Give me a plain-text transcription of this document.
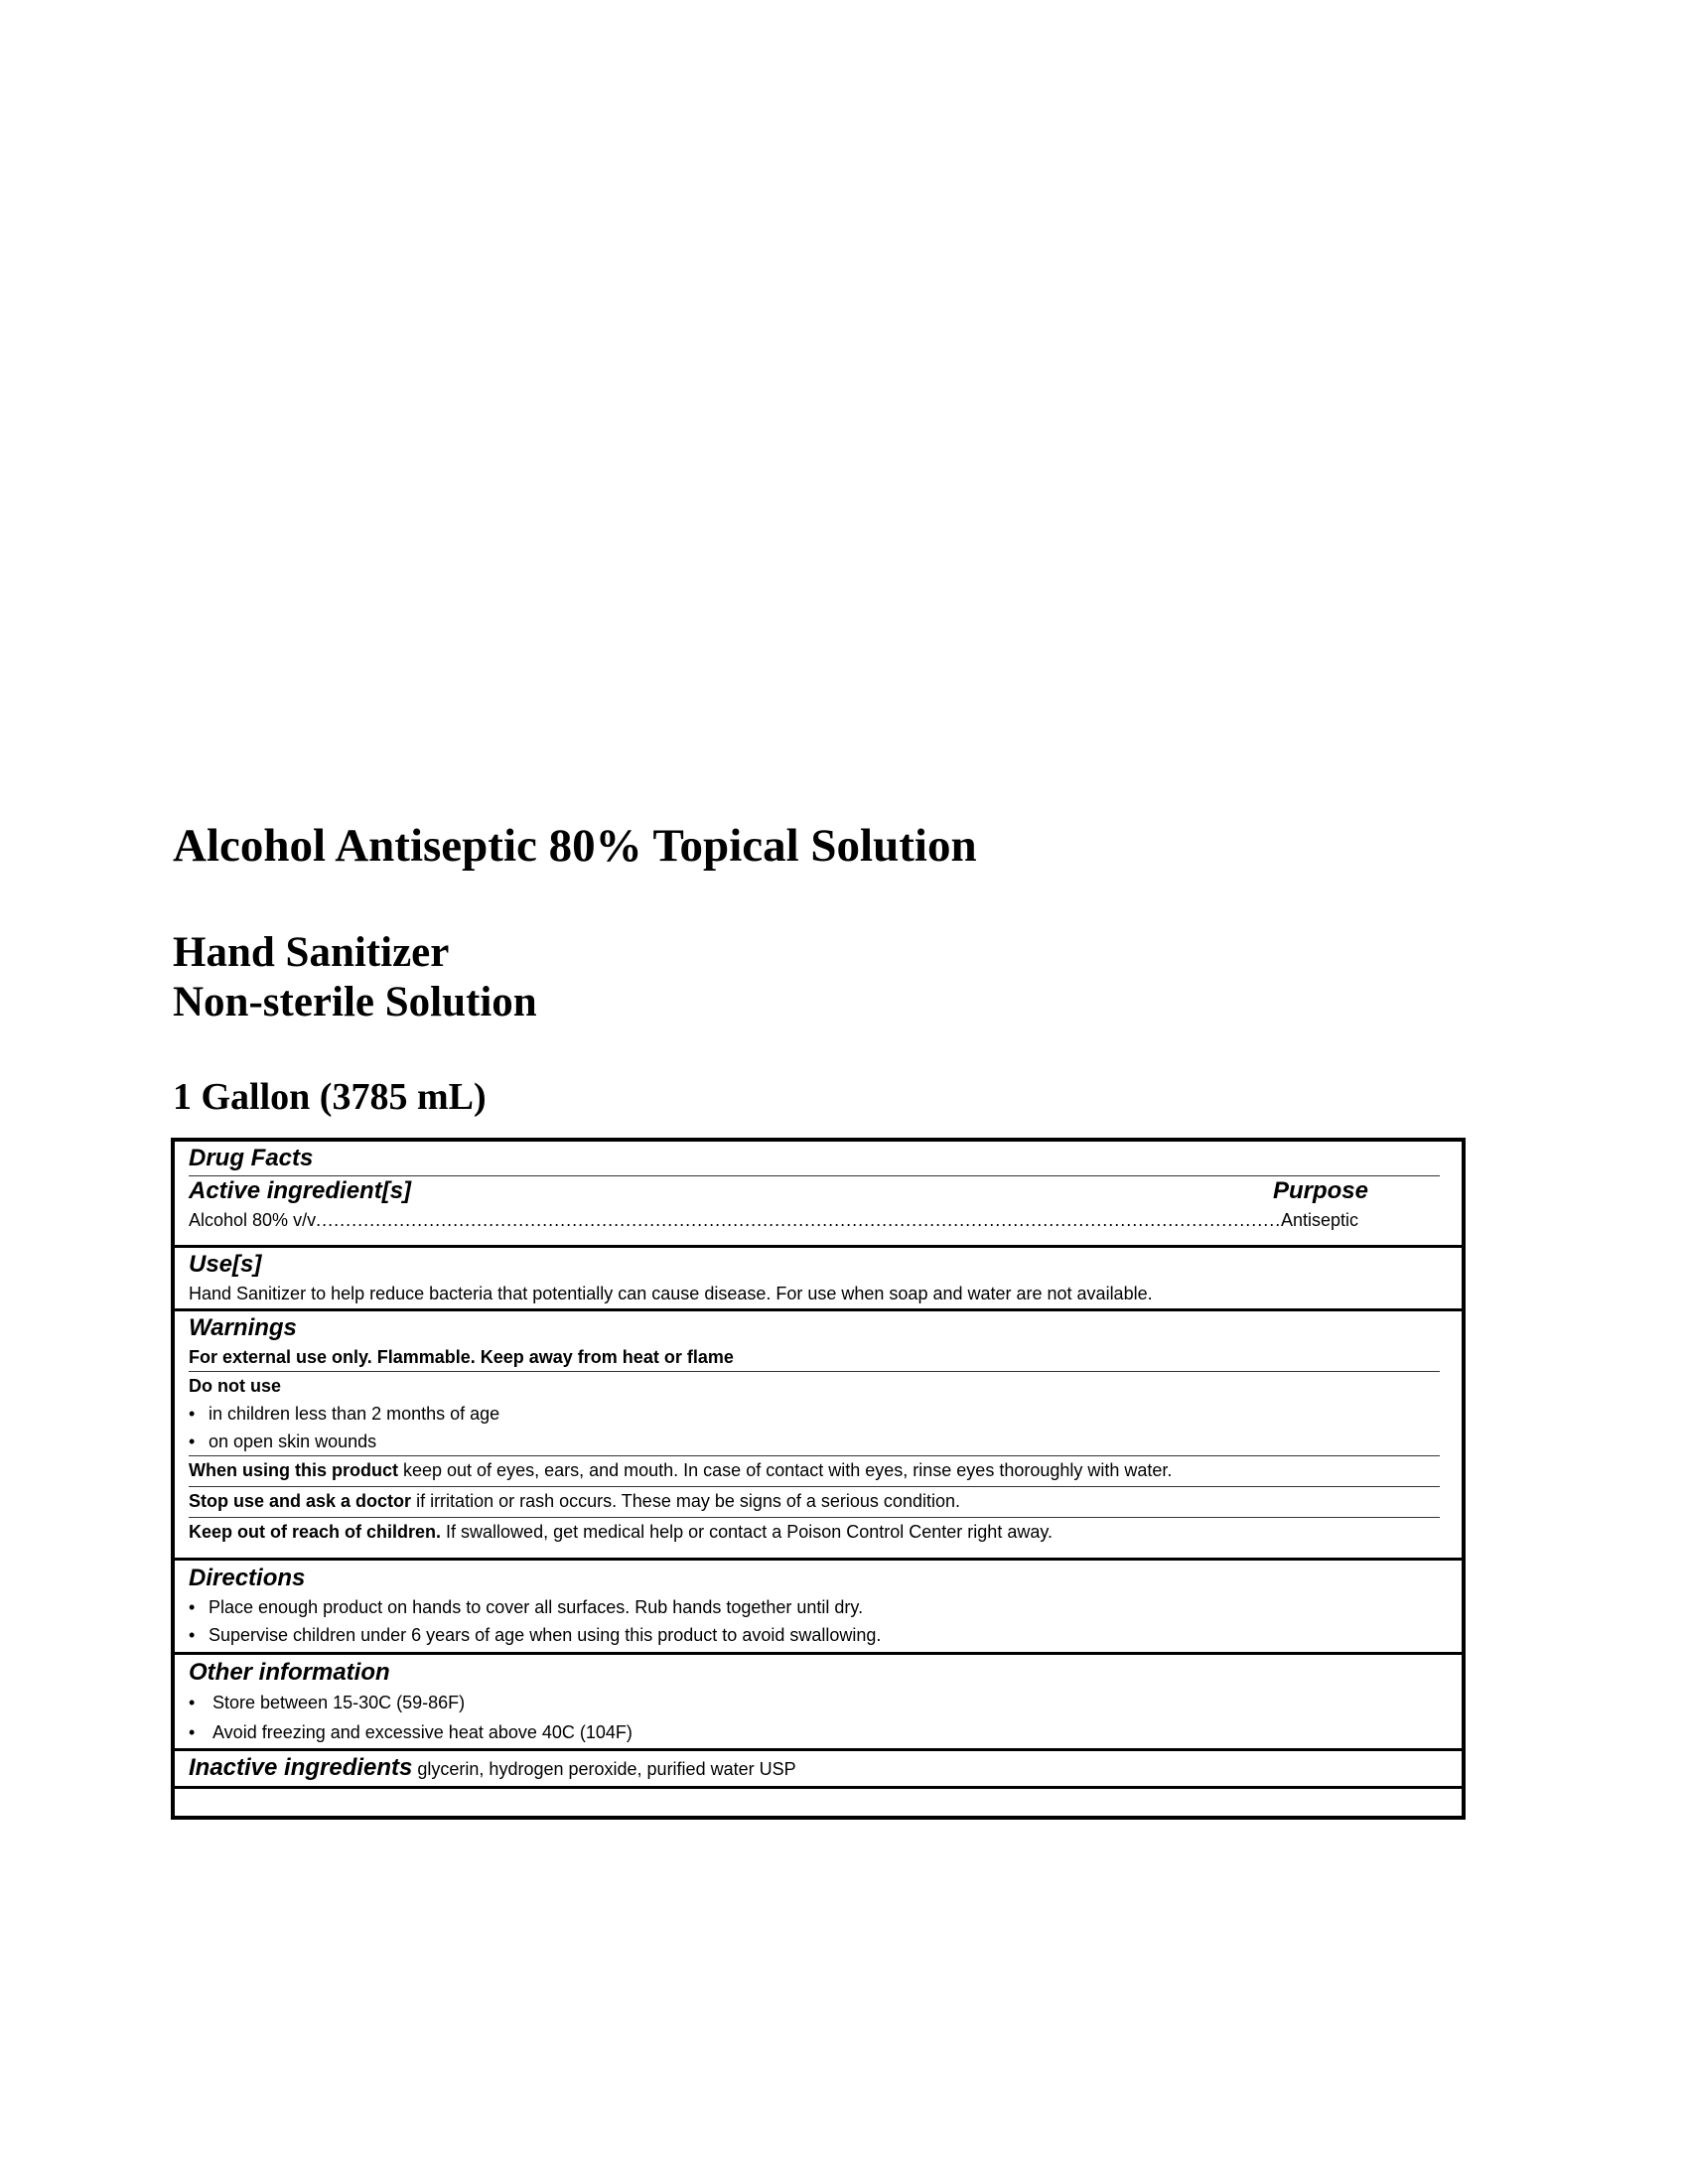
Alcohol Antiseptic 80% Topical Solution
Hand Sanitizer
Non-sterile Solution
1 Gallon (3785 mL)
Drug Facts
Active ingredient[s]	Purpose
Alcohol 80% v/v
.....	Antiseptic
Use[s]
Hand Sanitizer to help reduce bacteria that potentially can cause disease. For use when soap and water are not available.
Warnings
For external use only. Flammable. Keep away from heat or flame
Do not use
• in children less than 2 months of age
• on open skin wounds
When using this product keep out of eyes, ears, and mouth. In case of contact with eyes, rinse eyes thoroughly with water.
Stop use and ask a doctor if irritation or rash occurs. These may be signs of a serious condition.
Keep out of reach of children. If swallowed, get medical help or contact a Poison Control Center right away.
Directions
• Place enough product on hands to cover all surfaces. Rub hands together until dry.
• Supervise children under 6 years of age when using this product to avoid swallowing.
Other information
• Store between 15-30C (59-86F)
• Avoid freezing and excessive heat above 40C (104F)
Inactive ingredients glycerin, hydrogen peroxide, purified water USP
